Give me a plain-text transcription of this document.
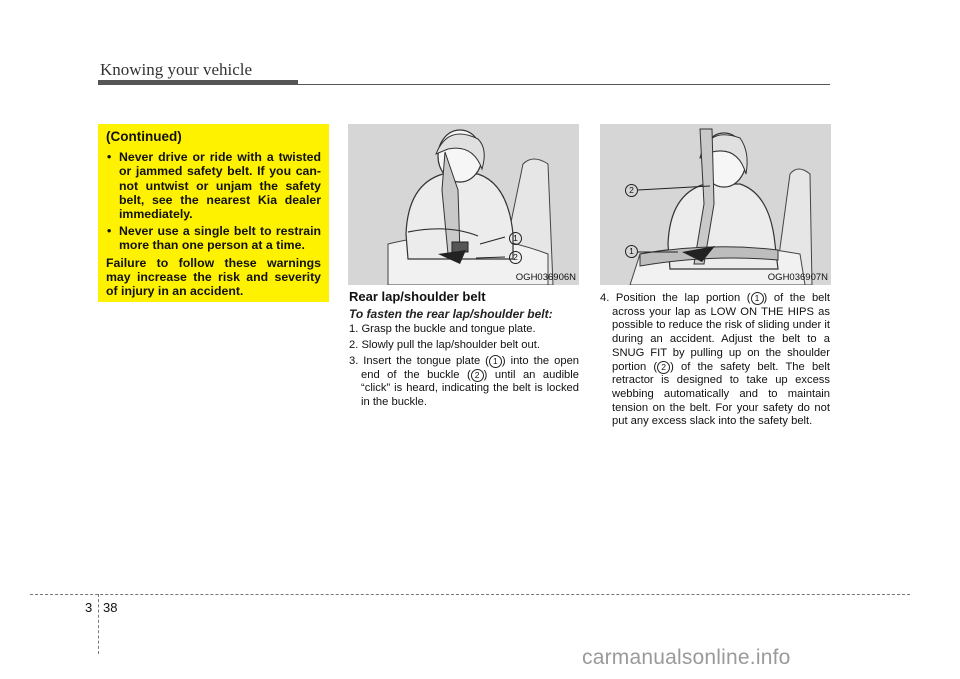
Knowing your vehicle

(Continued)

• Never drive or ride with a twisted or jammed safety belt. If you can-not untwist or unjam the safety belt, see the nearest Kia dealer immediately.
• Never use a single belt to restrain more than one person at a time.

Failure to follow these warnings may increase the risk and severity of injury in an accident.

1
2
OGH036906N
2
1
OGH036907N

Rear lap/shoulder belt

To fasten the rear lap/shoulder belt:

1. Grasp the buckle and tongue plate.
2. Slowly pull the lap/shoulder belt out.
3. Insert the tongue plate ( 1 ) into the open end of the buckle ( 2 ) until an audible “click” is heard, indicating the belt is locked in the buckle.
4. Position the lap portion ( 1 ) of the belt across your lap as LOW ON THE HIPS as possible to reduce the risk of sliding under it during an accident. Adjust the belt to a SNUG FIT by pulling up on the shoulder portion ( 2 ) of the safety belt. The belt retractor is designed to take up excess webbing automatically and to maintain tension on the belt. For your safety do not put any excess slack into the safety belt.
3 38
carmanualsonline.info
